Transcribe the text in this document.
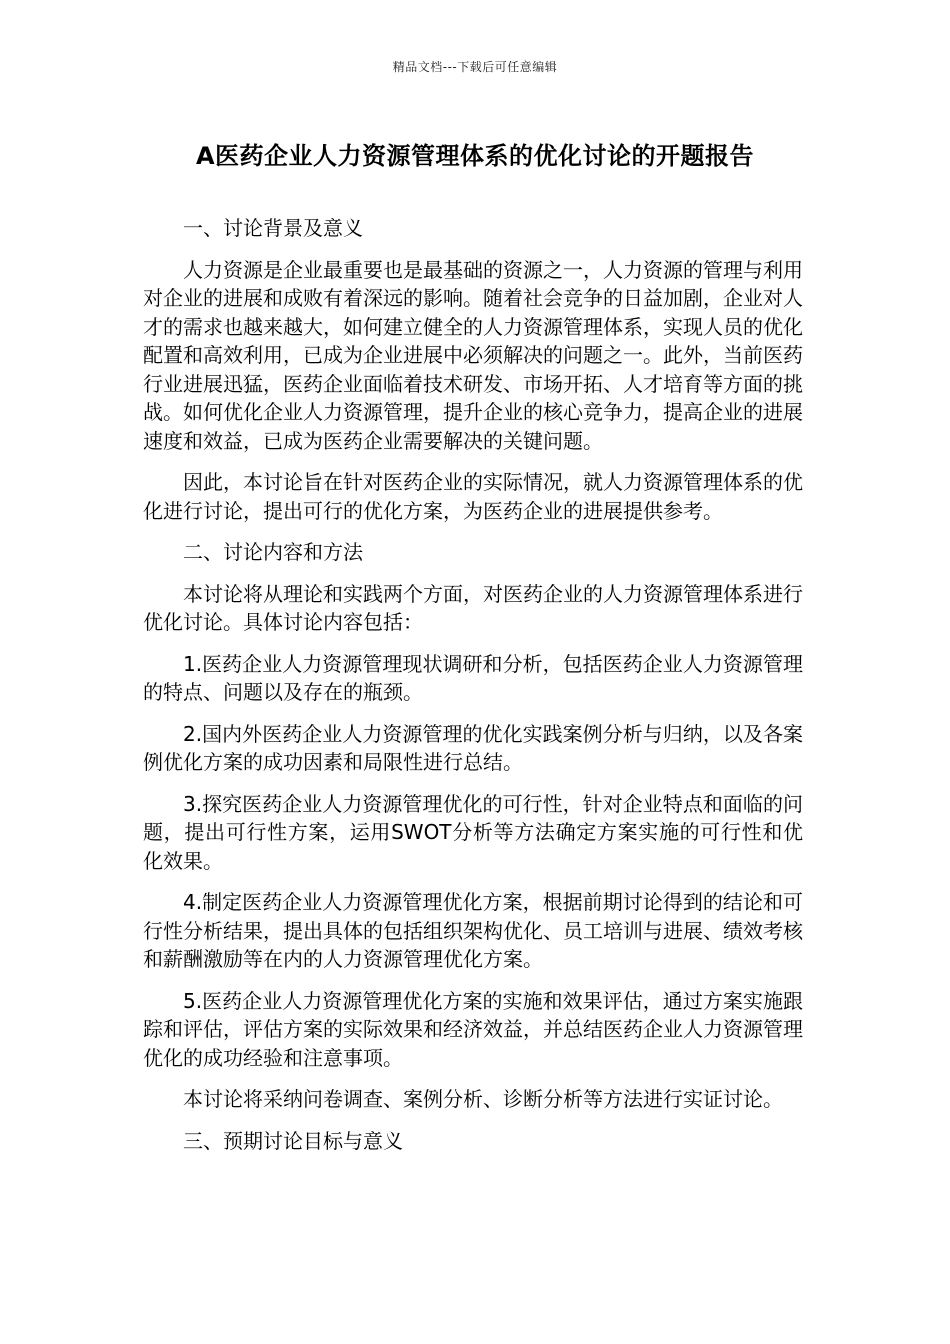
精品文档---下载后可任意编辑
A医药企业人力资源管理体系的优化讨论的开题报告

一、讨论背景及意义

人力资源是企业最重要也是最基础的资源之一，人力资源的管理与利用对企业的进展和成败有着深远的影响。随着社会竞争的日益加剧，企业对人才的需求也越来越大，如何建立健全的人力资源管理体系，实现人员的优化配置和高效利用，已成为企业进展中必须解决的问题之一。此外，当前医药行业进展迅猛，医药企业面临着技术研发、市场开拓、人才培育等方面的挑战。如何优化企业人力资源管理，提升企业的核心竞争力，提高企业的进展速度和效益，已成为医药企业需要解决的关键问题。

因此，本讨论旨在针对医药企业的实际情况，就人力资源管理体系的优化进行讨论，提出可行的优化方案，为医药企业的进展提供参考。

二、讨论内容和方法

本讨论将从理论和实践两个方面，对医药企业的人力资源管理体系进行优化讨论。具体讨论内容包括：

1.医药企业人力资源管理现状调研和分析，包括医药企业人力资源管理的特点、问题以及存在的瓶颈。

2.国内外医药企业人力资源管理的优化实践案例分析与归纳，以及各案例优化方案的成功因素和局限性进行总结。

3.探究医药企业人力资源管理优化的可行性，针对企业特点和面临的问题，提出可行性方案，运用SWOT分析等方法确定方案实施的可行性和优化效果。

4.制定医药企业人力资源管理优化方案，根据前期讨论得到的结论和可行性分析结果，提出具体的包括组织架构优化、员工培训与进展、绩效考核和薪酬激励等在内的人力资源管理优化方案。

5.医药企业人力资源管理优化方案的实施和效果评估，通过方案实施跟踪和评估，评估方案的实际效果和经济效益，并总结医药企业人力资源管理优化的成功经验和注意事项。

本讨论将采纳问卷调查、案例分析、诊断分析等方法进行实证讨论。

三、预期讨论目标与意义
